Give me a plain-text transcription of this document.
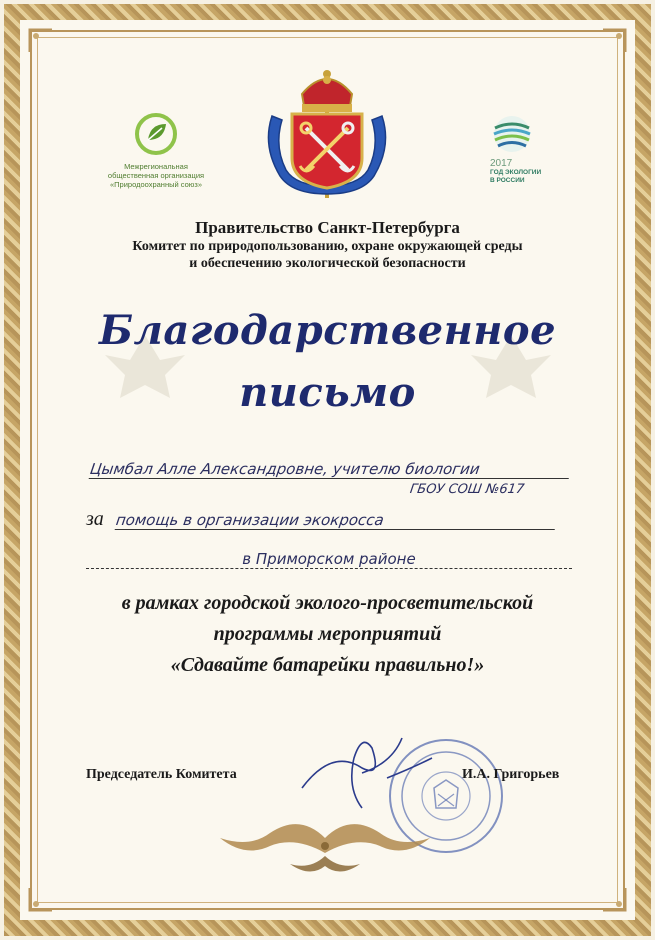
Межрегиональная
общественная организация
«Природоохранный союз»
2017
ГОД ЭКОЛОГИИ
В РОССИИ
Правительство Санкт-Петербурга
Комитет по природопользованию, охране окружающей среды
и обеспечению экологической безопасности
Благодарственное
письмо
Цымбал Алле Александровне, учителю биологии
ГБОУ СОШ №617
за помощь в организации экокросса
в Приморском районе
в рамках городской эколого-просветительской
программы мероприятий
«Сдавайте батарейки правильно!»
Председатель Комитета	И.А. Григорьев
